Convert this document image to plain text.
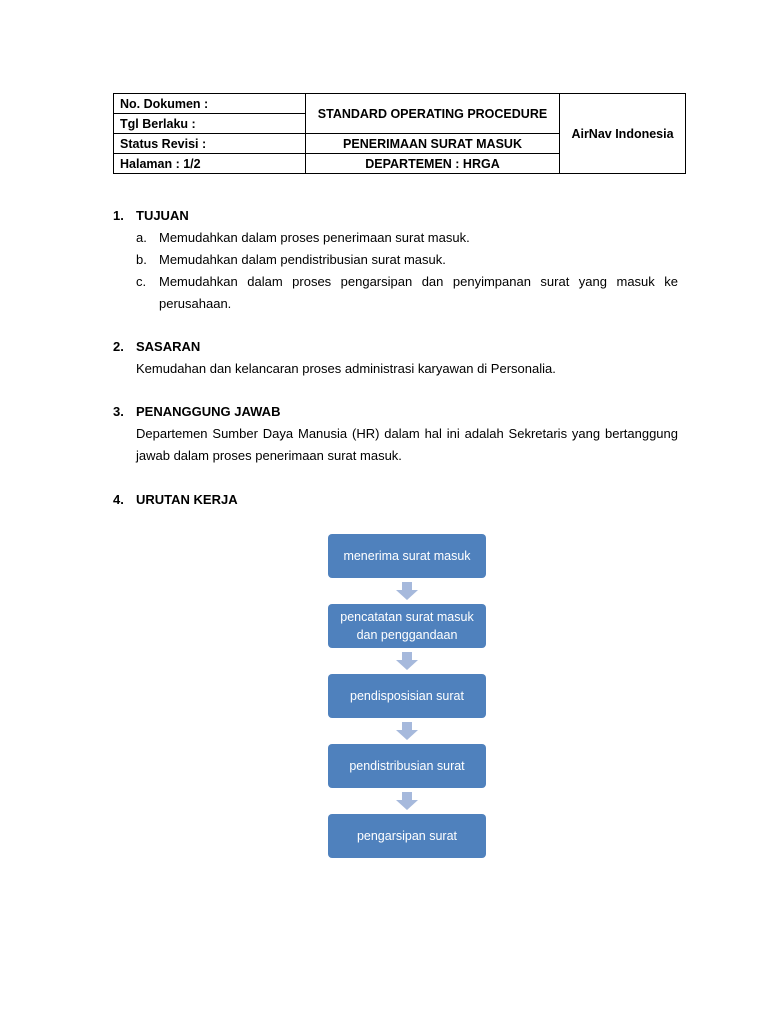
No. Dokumen :	STANDARD OPERATING PROCEDURE	AirNav Indonesia
Tgl Berlaku :		
Status Revisi :	PENERIMAAN SURAT MASUK	
Halaman : 1/2	DEPARTEMEN : HRGA	
1. TUJUAN
a. Memudahkan dalam proses penerimaan surat masuk.
b. Memudahkan dalam pendistribusian surat masuk.
c. Memudahkan dalam proses pengarsipan dan penyimpanan surat yang masuk ke perusahaan.
2. SASARAN
Kemudahan dan kelancaran proses administrasi karyawan di Personalia.
3. PENANGGUNG JAWAB
Departemen Sumber Daya Manusia (HR) dalam hal ini adalah Sekretaris yang bertanggung jawab dalam proses penerimaan surat masuk.
4. URUTAN KERJA
menerima surat masuk
pencatatan surat masuk dan penggandaan
pendisposisian surat
pendistribusian surat
pengarsipan surat
